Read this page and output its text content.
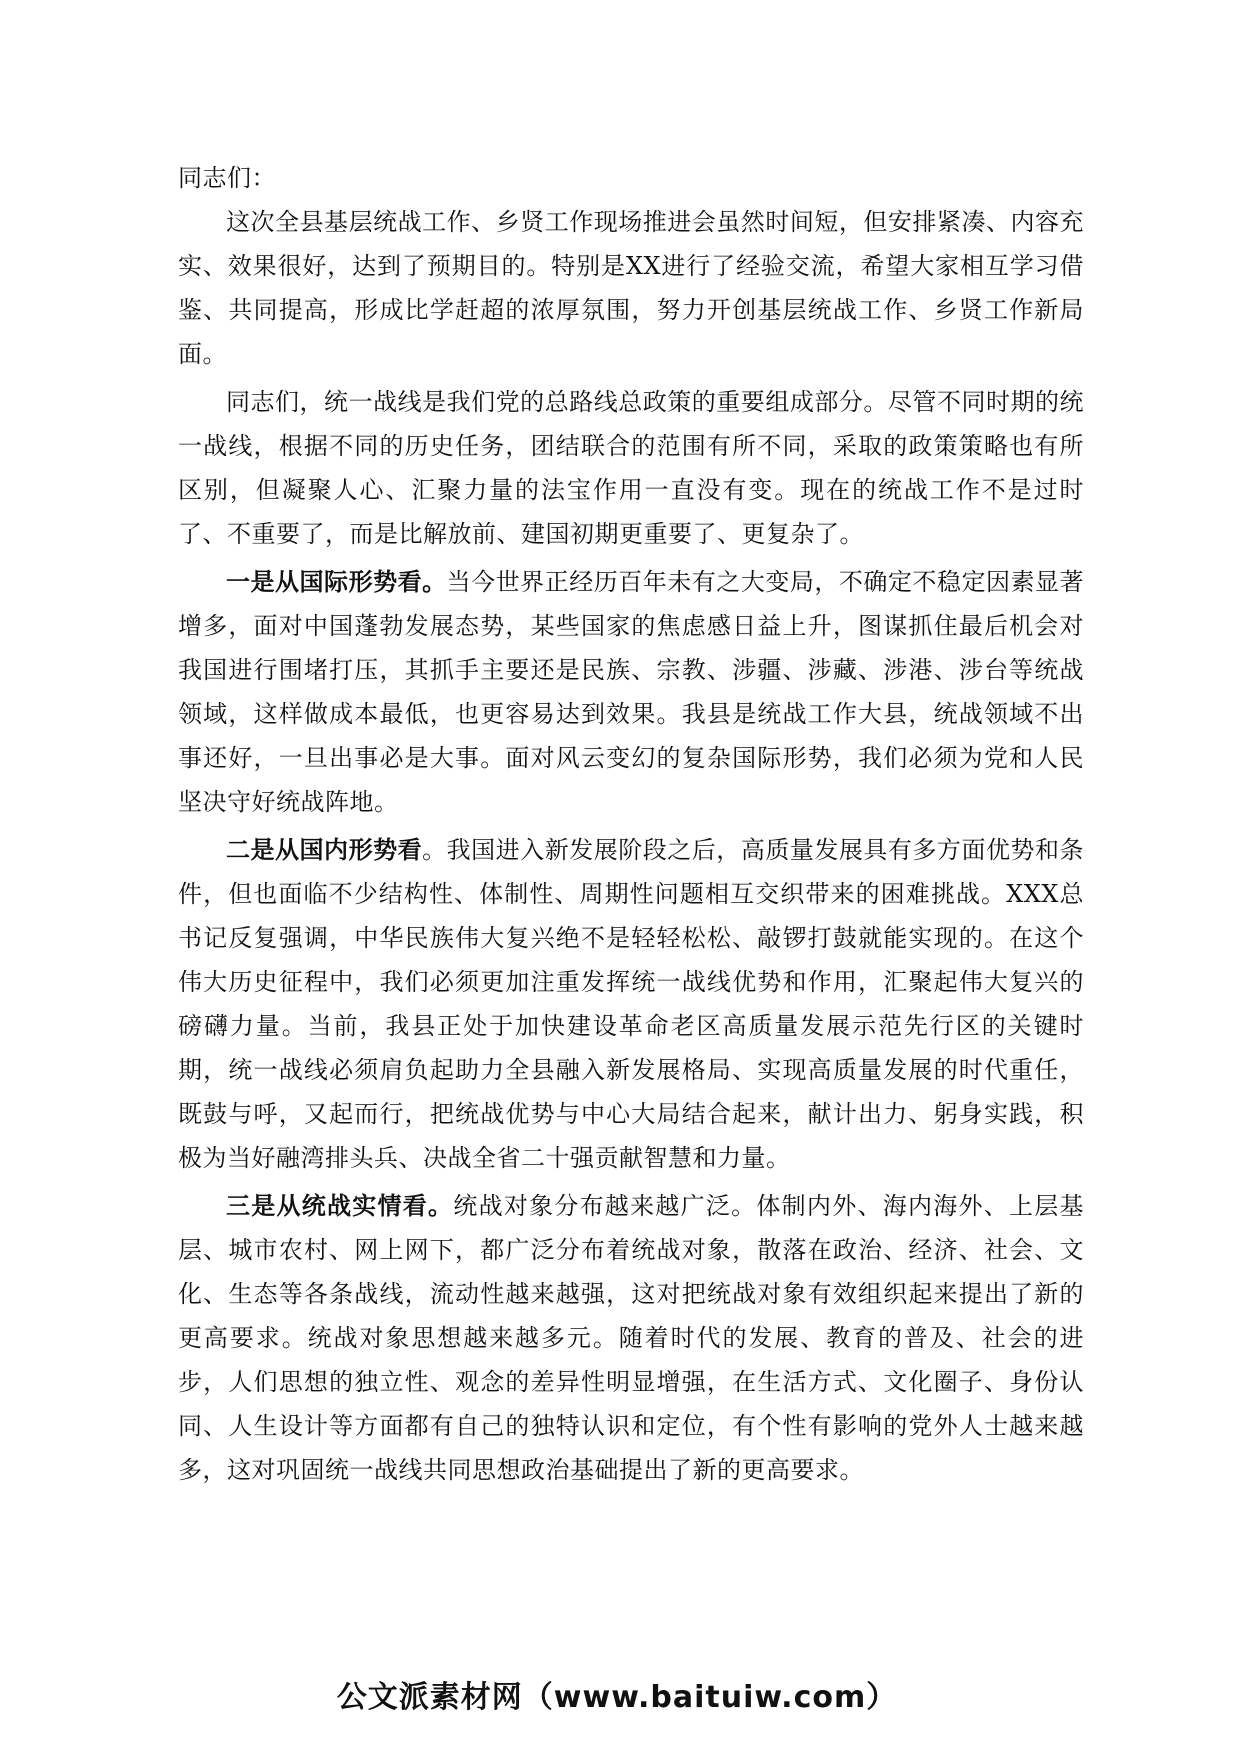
同志们：

这次全县基层统战工作、乡贤工作现场推进会虽然时间短，但安排紧凑、内容充实、效果很好，达到了预期目的。特别是XX进行了经验交流，希望大家相互学习借鉴、共同提高，形成比学赶超的浓厚氛围，努力开创基层统战工作、乡贤工作新局面。

同志们，统一战线是我们党的总路线总政策的重要组成部分。尽管不同时期的统一战线，根据不同的历史任务，团结联合的范围有所不同，采取的政策策略也有所区别，但凝聚人心、汇聚力量的法宝作用一直没有变。现在的统战工作不是过时了、不重要了，而是比解放前、建国初期更重要了、更复杂了。

一是从国际形势看。当今世界正经历百年未有之大变局，不确定不稳定因素显著增多，面对中国蓬勃发展态势，某些国家的焦虑感日益上升，图谋抓住最后机会对我国进行围堵打压，其抓手主要还是民族、宗教、涉疆、涉藏、涉港、涉台等统战领域，这样做成本最低，也更容易达到效果。我县是统战工作大县，统战领域不出事还好，一旦出事必是大事。面对风云变幻的复杂国际形势，我们必须为党和人民坚决守好统战阵地。

二是从国内形势看。我国进入新发展阶段之后，高质量发展具有多方面优势和条件，但也面临不少结构性、体制性、周期性问题相互交织带来的困难挑战。XXX总书记反复强调，中华民族伟大复兴绝不是轻轻松松、敲锣打鼓就能实现的。在这个伟大历史征程中，我们必须更加注重发挥统一战线优势和作用，汇聚起伟大复兴的磅礴力量。当前，我县正处于加快建设革命老区高质量发展示范先行区的关键时期，统一战线必须肩负起助力全县融入新发展格局、实现高质量发展的时代重任，既鼓与呼，又起而行，把统战优势与中心大局结合起来，献计出力、躬身实践，积极为当好融湾排头兵、决战全省二十强贡献智慧和力量。

三是从统战实情看。统战对象分布越来越广泛。体制内外、海内海外、上层基层、城市农村、网上网下，都广泛分布着统战对象，散落在政治、经济、社会、文化、生态等各条战线，流动性越来越强，这对把统战对象有效组织起来提出了新的更高要求。统战对象思想越来越多元。随着时代的发展、教育的普及、社会的进步，人们思想的独立性、观念的差异性明显增强，在生活方式、文化圈子、身份认同、人生设计等方面都有自己的独特认识和定位，有个性有影响的党外人士越来越多，这对巩固统一战线共同思想政治基础提出了新的更高要求。

公文派素材网（www.baituiw.com）
